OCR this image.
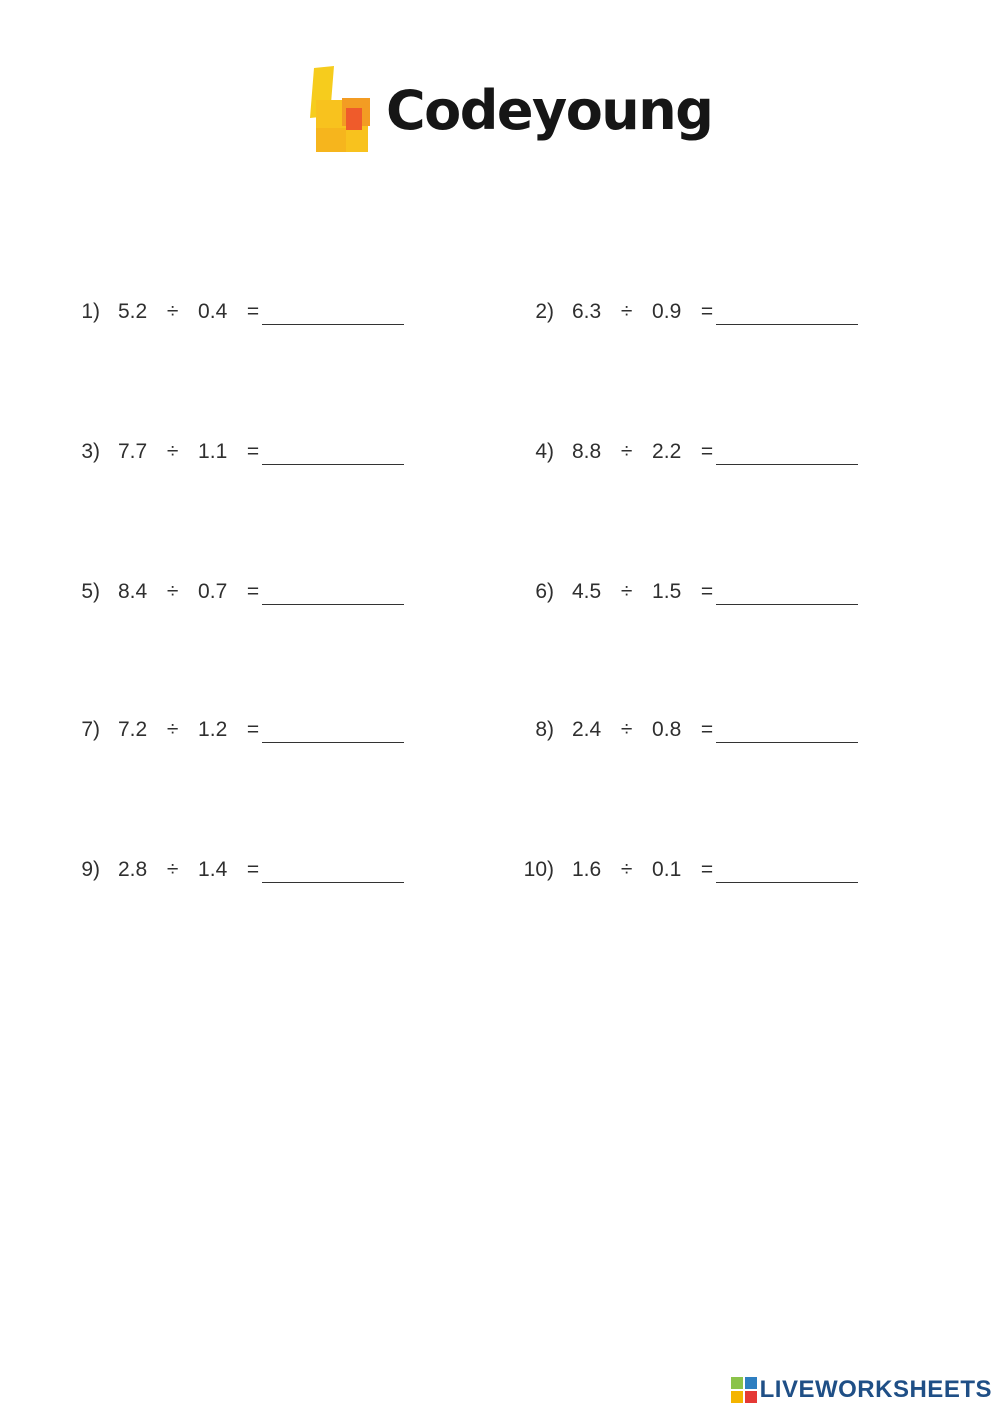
Codeyoung
1) 5.2  ÷  0.4  =	2) 6.3  ÷  0.9  =
3) 7.7  ÷  1.1  =	4) 8.8  ÷  2.2  =
5) 8.4  ÷  0.7  =	6) 4.5  ÷  1.5  =
7) 7.2  ÷  1.2  =	8) 2.4  ÷  0.8  =
9) 2.8  ÷  1.4  =	10) 1.6  ÷  0.1  =
LIVEWORKSHEETS
